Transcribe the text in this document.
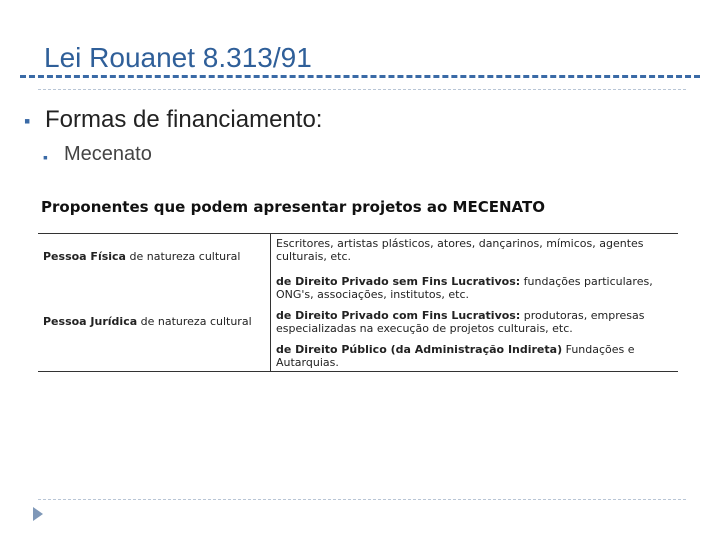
Lei Rouanet 8.313/91
▪ Formas de financiamento:
▪ Mecenato
Proponentes que podem apresentar projetos ao MECENATO
Pessoa Física de natureza cultural	Escritores, artistas plásticos, atores, dançarinos, mímicos, agentes culturais, etc.

Pessoa Jurídica de natureza cultural	de Direito Privado sem Fins Lucrativos: fundações particulares, ONG's, associações, institutos, etc.
de Direito Privado com Fins Lucrativos: produtoras, empresas especializadas na execução de projetos culturais, etc.
de Direito Público (da Administração Indireta) Fundações e Autarquias.
